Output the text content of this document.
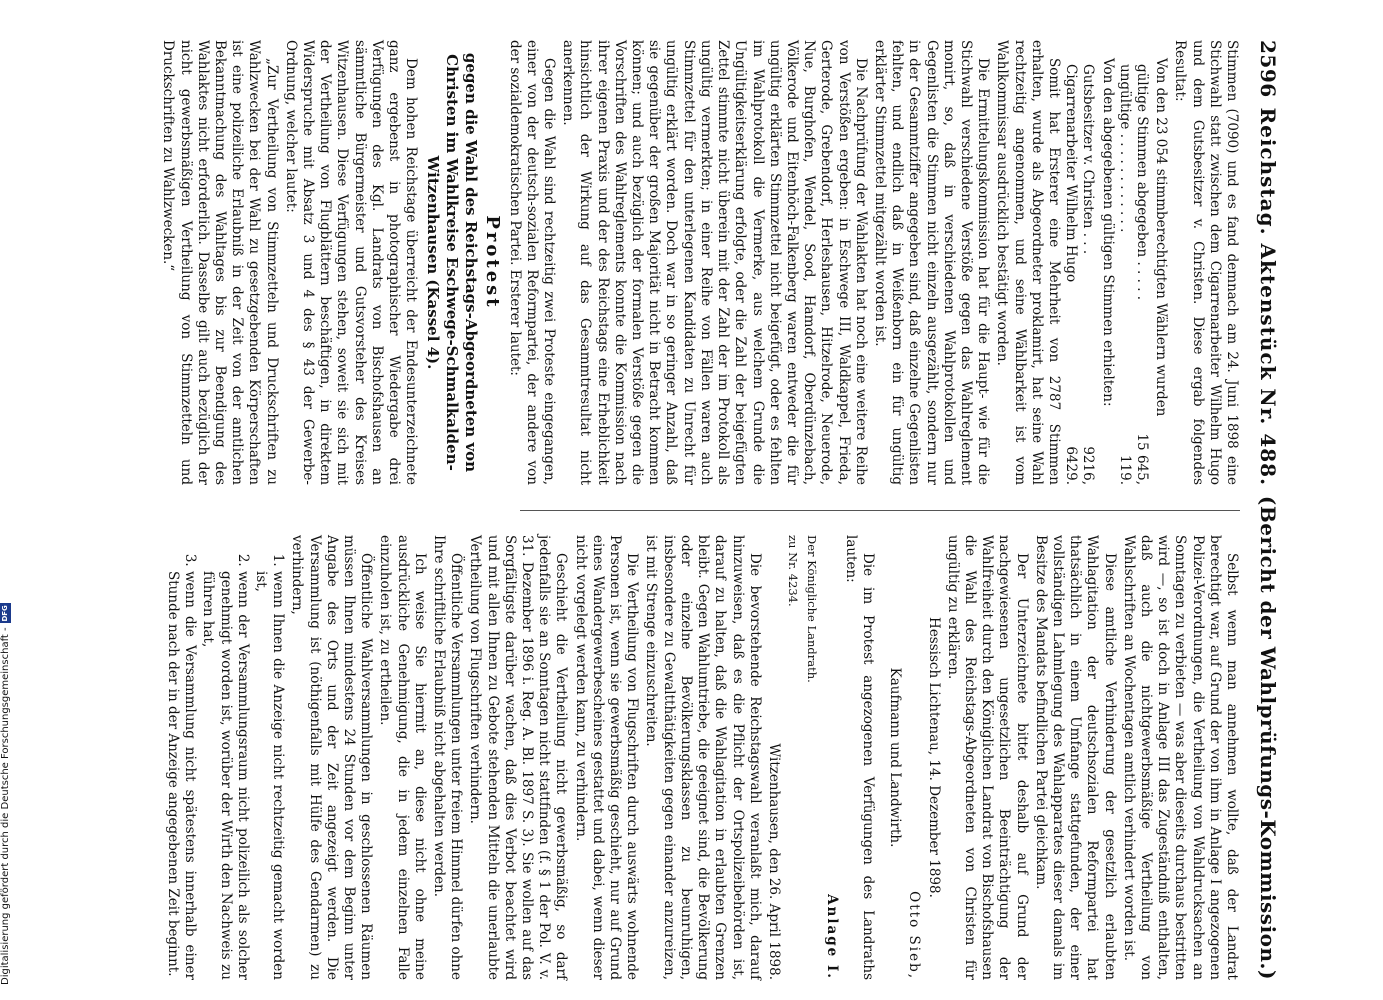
2596
Reichstag. Aktenstück Nr. 488.
(Bericht der Wahlprüfungs-Kommission.)

Stimmen (7090) und es fand demnach am 24. Juni 1898 eine Stichwahl statt zwischen dem Cigarrenarbeiter Wilhelm Hugo und dem Gutsbesitzer v. Christen. Diese ergab folgendes Resultat:

Von den 23 054 stimmberechtigten Wählern wurden

gültige Stimmen abgegeben . . . . .
15 645,
ungültige . . . . . . . . . . . .
119.

Von den abgegebenen gültigen Stimmen erhielten:

Gutsbesitzer v. Christen . . .
9216,
Cigarrenarbeiter Wilhelm Hugo
6429.

Somit hat Ersterer eine Mehrheit von 2787 Stimmen erhalten, wurde als Abgeordneter proklamirt, hat seine Wahl rechtzeitig angenommen, und seine Wählbarkeit ist vom Wahlkommissar ausdrücklich bestätigt worden.

Die Ermittelungskommission hat für die Haupt- wie für die Stichwahl verschiedene Verstöße gegen das Wahlreglement monirt, so, daß in verschiedenen Wahlprotokollen und Gegenlisten die Stimmen nicht einzeln ausgezählt, sondern nur in der Gesammtziffer angegeben sind, daß einzelne Gegenlisten fehlten, und endlich daß in Weißenborn ein für ungültig erklärter Stimmzettel mitgezählt worden ist.

Die Nachprüfung der Wahlakten hat noch eine weitere Reihe von Verstößen ergeben: in Eschwege III, Waldkappel, Frieda, Gerterode, Grebendorf, Herleshausen, Hitzelrode, Neuerode, Nue, Burghofen, Wendel, Sood, Hamdorf, Oberdünzebach, Völkerode und Eitenhöch-Falkenberg waren entweder die für ungültig erklärten Stimmzettel nicht beigefügt, oder es fehlten im Wahlprotokoll die Vermerke, aus welchem Grunde die Ungültigkeitserklärung erfolgte, oder die Zahl der beigefügten Zettel stimmte nicht überein mit der Zahl der im Protokoll als ungültig vermerkten; in einer Reihe von Fällen waren auch Stimmzettel für den unterlegenen Kandidaten zu Unrecht für ungültig erklärt worden. Doch war in so geringer Anzahl, daß sie gegenüber der großen Majorität nicht in Betracht kommen können; und auch bezüglich der formalen Verstöße gegen die Vorschriften des Wahlreglements konnte die Kommission nach ihrer eigenen Praxis und der des Reichstags eine Erheblichkeit hinsichtlich der Wirkung auf das Gesammtresultat nicht anerkennen.

Gegen die Wahl sind rechtzeitig zwei Proteste eingegangen, einer von der deutsch-sozialen Reformpartei, der andere von der sozialdemokratischen Partei. Ersterer lautet:

Protest
gegen die Wahl des Reichstags-Abgeordneten von Christen im Wahlkreise Eschwege-Schmalkalden-Witzenhausen (Kassel 4).

Dem hohen Reichstage überreicht der Endesunterzeichnete ganz ergebenst in photographischer Wiedergabe drei Verfügungen des Kgl. Landrats von Bischofshausen an sämmtliche Bürgermeister und Gutsvorsteher des Kreises Witzenhausen. Diese Verfügungen stehen, soweit sie sich mit der Vertheilung von Flugblättern beschäftigen, in direktem Widerspruche mit Absatz 3 und 4 des § 43 der Gewerbe-Ordnung, welcher lautet:

„Zur Vertheilung von Stimmzetteln und Druckschriften zu Wahlzwecken bei der Wahl zu gesetzgebenden Körperschaften ist eine polizeiliche Erlaubniß in der Zeit von der amtlichen Bekanntmachung des Wahltages bis zur Beendigung des Wahlaktes nicht erforderlich. Dasselbe gilt auch bezüglich der nicht gewerbsmäßigen Vertheilung von Stimmzetteln und Druckschriften zu Wahlzwecken.“

Selbst wenn man annehmen wollte, daß der Landrat berechtigt war, auf Grund der von ihm in Anlage I angezogenen Polizei-Verordnungen, die Vertheilung von Wahldrucksachen an Sonntagen zu verbieten — was aber dieseits durchaus bestritten wird —, so ist doch in Anlage III das Zugeständniß enthalten, daß auch die nichtgewerbsmäßige Vertheilung von Wahlschriften an Wochentagen amtlich verhindert worden ist.

Diese amtliche Verhinderung der gesetzlich erlaubten Wahlagitation der deutschsozialen Reformpartei hat thatsächlich in einem Umfange stattgefunden, der einer vollständigen Lahmlegung des Wahlapparates dieser damals im Besitze des Mandats befindlichen Partei gleichkam.

Der Unterzeichnete bittet deshalb auf Grund der nachgewiesenen ungesetzlichen Beeinträchtigung der Wahlfreiheit durch den Königlichen Landrat von Bischofshausen die Wahl des Reichstags-Abgeordneten von Christen für ungültig zu erklären.

Hessisch Lichtenau, 14. Dezember 1898.

Otto Sieb,

Kaufmann und Landwirth.

Die im Protest angezogenen Verfügungen des Landraths lauten:

Anlage I.

Der Königliche Landrath.

zu Nr. 4234.

Witzenhausen, den 26. April 1898.

Die bevorstehende Reichstagswahl veranlaßt mich, darauf hinzuweisen, daß es die Pflicht der Ortspolizeibehörden ist, darauf zu halten, daß die Wahlagitation in erlaubten Grenzen bleibt. Gegen Wahlumtriebe, die geeignet sind, die Bevölkerung oder einzelne Bevölkerungsklassen zu beunruhigen, insbesondere zu Gewaltthätigkeiten gegen einander anzureizen, ist mit Strenge einzuschreiten.

Die Vertheilung von Flugschriften durch auswärts wohnende Personen ist, wenn sie gewerbsmäßig geschieht, nur auf Grund eines Wandergewerbescheines gestattet und dabei, wenn dieser nicht vorgelegt werden kann, zu verhindern.

Geschieht die Vertheilung nicht gewerbsmäßig, so darf jedenfalls sie an Sonntagen nicht stattfinden (f. § 1 der Pol. V. v. 31. Dezember 1896 i. Reg. A. Bl. 1897 S. 3). Sie wollen auf das Sorgfältigste darüber wachen, daß dies Verbot beachtet wird und mit allen Ihnen zu Gebote stehenden Mitteln die unerlaubte Vertheilung von Flugschriften verhindern.

Öffentliche Versammlungen unter freiem Himmel dürfen ohne Ihre schriftliche Erlaubniß nicht abgehalten werden.

Ich weise Sie hiermit an, diese nicht ohne meine ausdrückliche Genehmigung, die in jedem einzelnen Falle einzuholen ist, zu ertheilen.

Öffentliche Wahlversammlungen in geschlossenen Räumen müssen Ihnen mindestens 24 Stunden vor dem Beginn unter Angabe des Orts und der Zeit angezeigt werden. Die Versammlung ist (nöthigenfalls mit Hülfe des Gendarmen) zu verhindern,

1. wenn Ihnen die Anzeige nicht rechtzeitig gemacht worden ist,
2. wenn der Versammlungsraum nicht polizeilich als solcher genehmigt worden ist, worüber der Wirth den Nachweis zu führen hat,
3. wenn die Versammlung nicht spätestens innerhalb einer Stunde nach der in der Anzeige angegebenen Zeit beginnt.
Digitalisierung gefördert durch die Deutsche Forschungsgemeinschaft -
DFG
